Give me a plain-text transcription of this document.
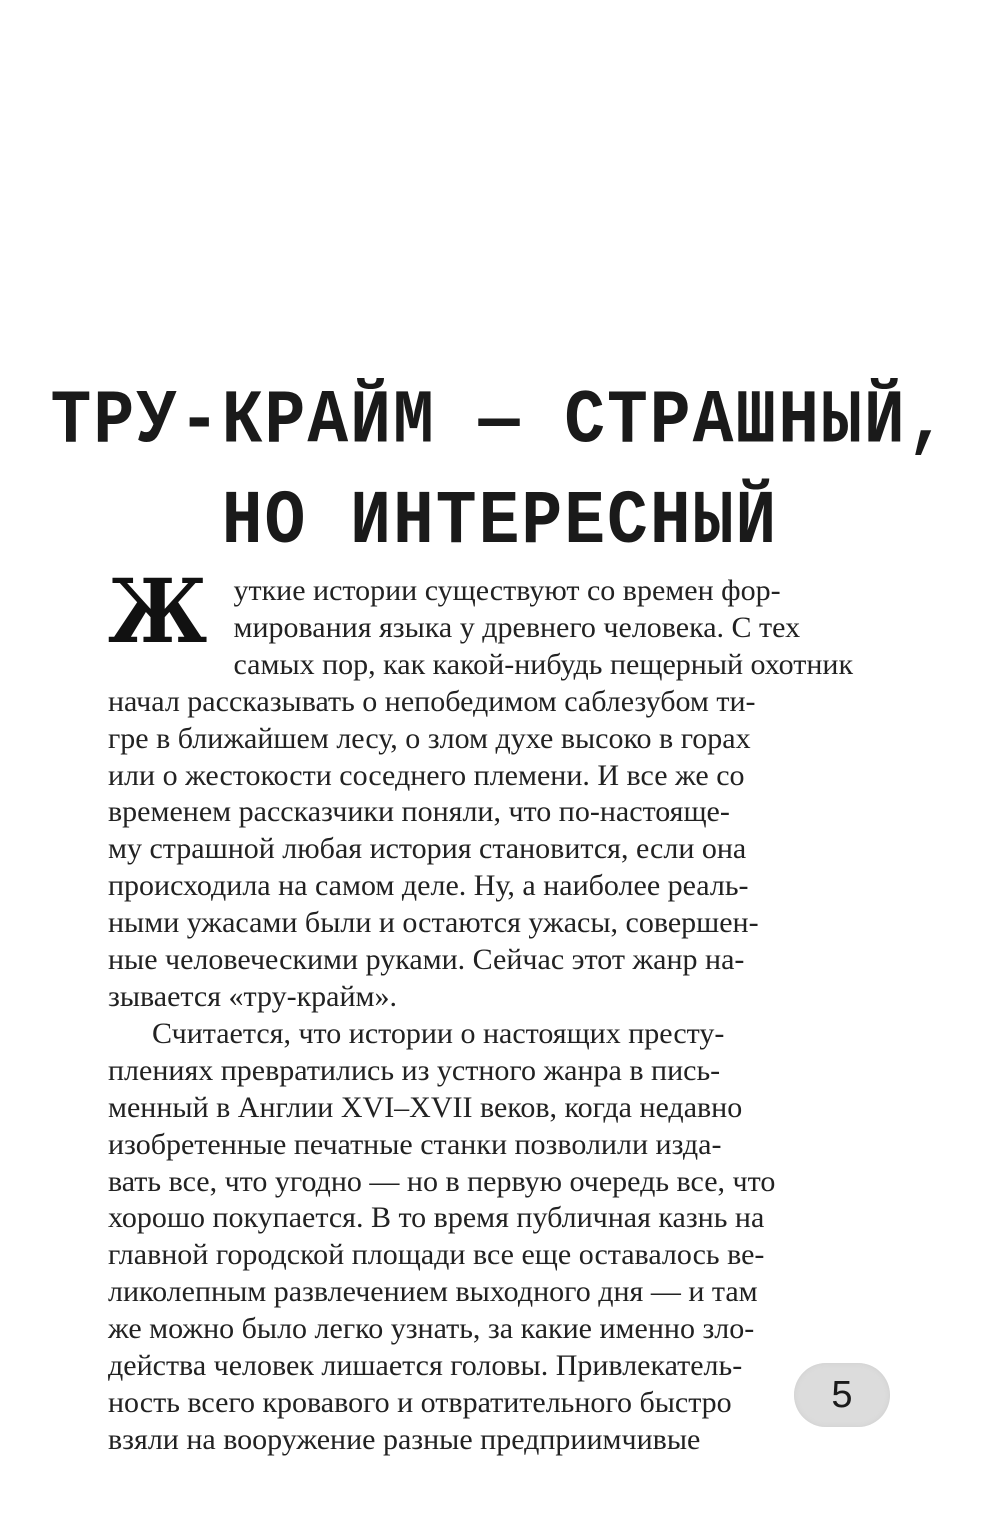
ТРУ-КРАЙМ — СТРАШНЫЙ,
НО ИНТЕРЕСНЫЙ
Ж уткие истории существуют со времен фор-
мирования языка у древнего человека. С тех
самых пор, как какой-нибудь пещерный охотник
начал рассказывать о непобедимом саблезубом ти-
гре в ближайшем лесу, о злом духе высоко в горах
или о жестокости соседнего племени. И все же со
временем рассказчики поняли, что по-настояще-
му страшной любая история становится, если она
происходила на самом деле. Ну, а наиболее реаль-
ными ужасами были и остаются ужасы, совершен-
ные человеческими руками. Сейчас этот жанр на-
зывается «тру-крайм».
Считается, что истории о настоящих престу-
плениях превратились из устного жанра в пись-
менный в Англии XVI–XVII веков, когда недавно
изобретенные печатные станки позволили изда-
вать все, что угодно — но в первую очередь все, что
хорошо покупается. В то время публичная казнь на
главной городской площади все еще оставалось ве-
ликолепным развлечением выходного дня — и там
же можно было легко узнать, за какие именно зло-
действа человек лишается головы. Привлекатель-
ность всего кровавого и отвратительного быстро
взяли на вооружение разные предприимчивые
5
